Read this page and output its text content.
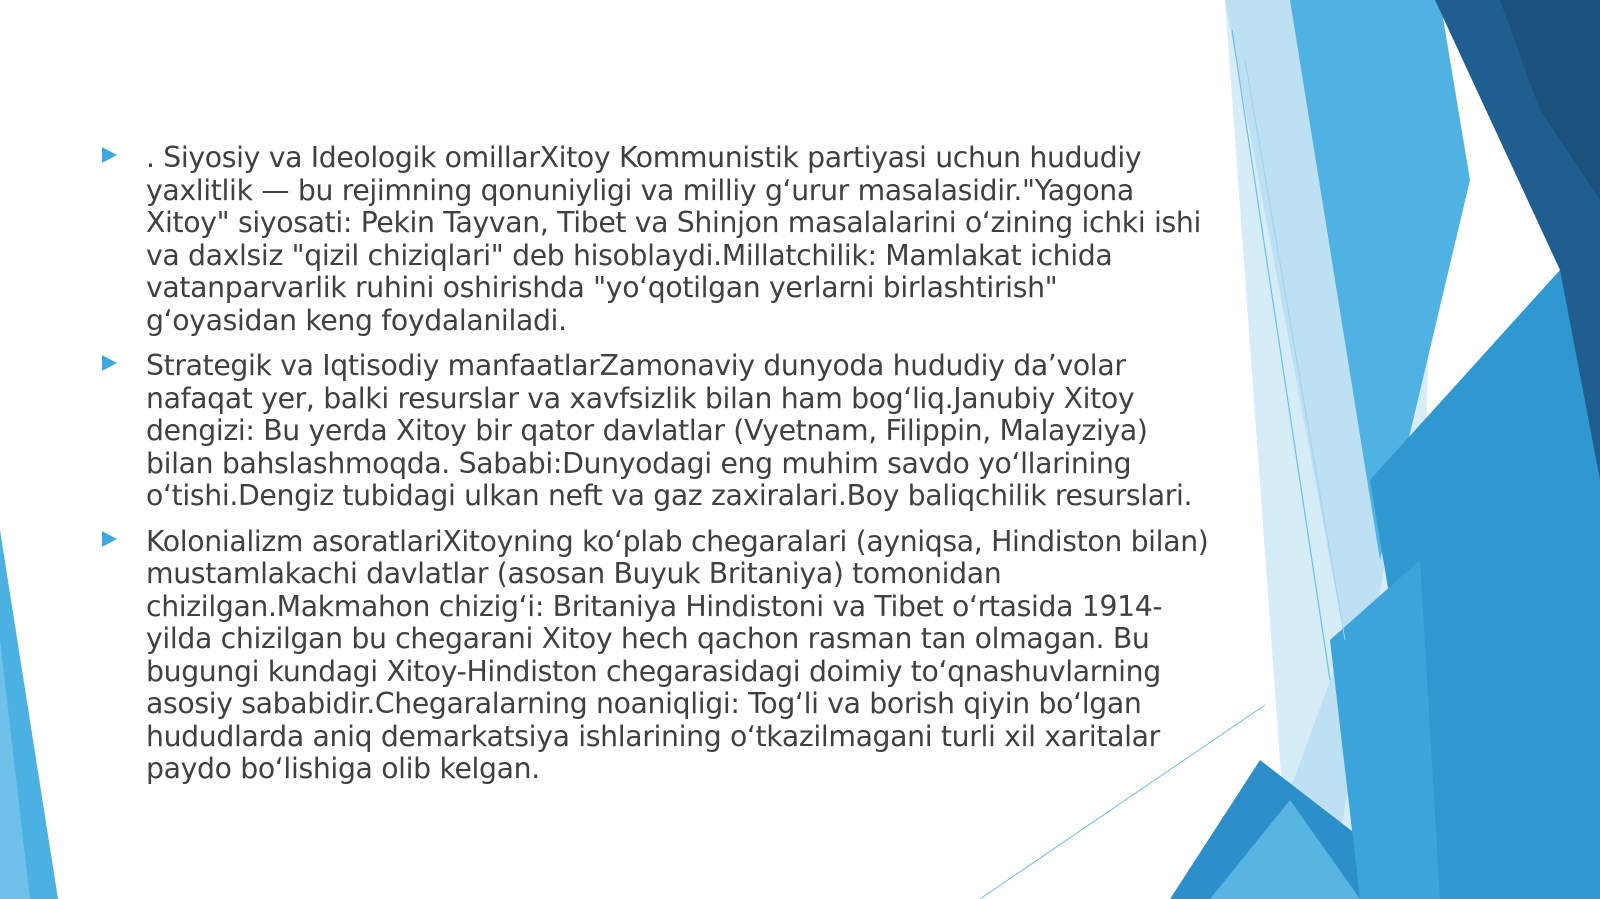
. Siyosiy va Ideologik omillarXitoy Kommunistik partiyasi uchun hududiy yaxlitlik — bu rejimning qonuniyligi va milliy gʻurur masalasidir."Yagona Xitoy" siyosati: Pekin Tayvan, Tibet va Shinjon masalalarini oʻzining ichki ishi va daxlsiz "qizil chiziqlari" deb hisoblaydi.Millatchilik: Mamlakat ichida vatanparvarlik ruhini oshirishda "yoʻqotilgan yerlarni birlashtirish" gʻoyasidan keng foydalaniladi.
Strategik va Iqtisodiy manfaatlarZamonaviy dunyoda hududiy daʼvolar nafaqat yer, balki resurslar va xavfsizlik bilan ham bogʻliq.Janubiy Xitoy dengizi: Bu yerda Xitoy bir qator davlatlar (Vyetnam, Filippin, Malayziya) bilan bahslashmoqda. Sababi:Dunyodagi eng muhim savdo yoʻllarining oʻtishi.Dengiz tubidagi ulkan neft va gaz zaxiralari.Boy baliqchilik resurslari.
Kolonializm asoratlariXitoyning koʻplab chegaralari (ayniqsa, Hindiston bilan) mustamlakachi davlatlar (asosan Buyuk Britaniya) tomonidan chizilgan.Makmahon chizigʻi: Britaniya Hindistoni va Tibet oʻrtasida 1914-yilda chizilgan bu chegarani Xitoy hech qachon rasman tan olmagan. Bu bugungi kundagi Xitoy-Hindiston chegarasidagi doimiy toʻqnashuvlarning asosiy sababidir.Chegaralarning noaniqligi: Togʻli va borish qiyin boʻlgan hududlarda aniq demarkatsiya ishlarining oʻtkazilmagani turli xil xaritalar paydo boʻlishiga olib kelgan.
